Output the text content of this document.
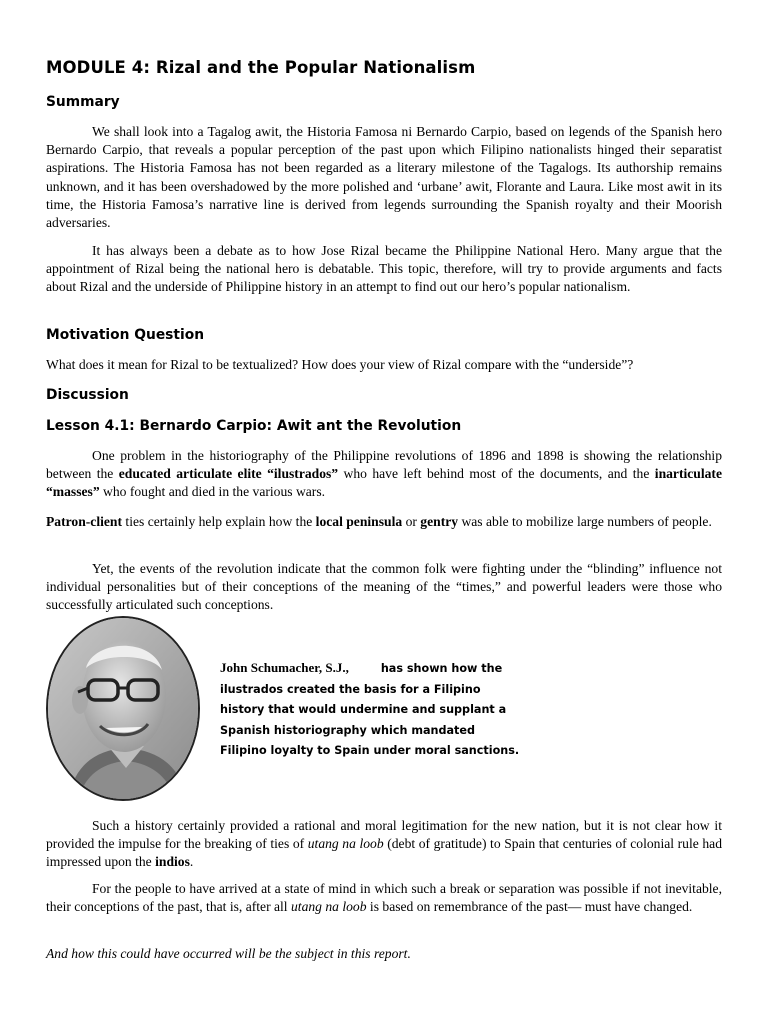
MODULE 4: Rizal and the Popular Nationalism
Summary

We shall look into a Tagalog awit, the Historia Famosa ni Bernardo Carpio, based on legends of the Spanish hero Bernardo Carpio, that reveals a popular perception of the past upon which Filipino nationalists hinged their separatist aspirations. The Historia Famosa has not been regarded as a literary milestone of the Tagalogs. Its authorship remains unknown, and it has been overshadowed by the more polished and ‘urbane’ awit, Florante and Laura. Like most awit in its time, the Historia Famosa’s narrative line is derived from legends surrounding the Spanish royalty and their Moorish adversaries.

It has always been a debate as to how Jose Rizal became the Philippine National Hero. Many argue that the appointment of Rizal being the national hero is debatable. This topic, therefore, will try to provide arguments and facts about Rizal and the underside of Philippine history in an attempt to find out our hero’s popular nationalism.

Motivation Question

What does it mean for Rizal to be textualized? How does your view of Rizal compare with the “underside”?

Discussion
Lesson 4.1: Bernardo Carpio: Awit ant the Revolution

One problem in the historiography of the Philippine revolutions of 1896 and 1898 is showing the relationship between the educated articulate elite “ilustrados” who have left behind most of the documents, and the inarticulate “masses” who fought and died in the various wars.

Patron-client ties certainly help explain how the local peninsula or gentry was able to mobilize large numbers of people.

Yet, the events of the revolution indicate that the common folk were fighting under the “blinding” influence not individual personalities but of their conceptions of the meaning of the “times,” and powerful leaders were those who successfully articulated such conceptions.

John Schumacher, S.J.,	has shown how the ilustrados created the basis for a Filipino history that would undermine and supplant a Spanish historiography which mandated Filipino loyalty to Spain under moral sanctions.

Such a history certainly provided a rational and moral legitimation for the new nation, but it is not clear how it provided the impulse for the breaking of ties of utang na loob (debt of gratitude) to Spain that centuries of colonial rule had impressed upon the indios.

For the people to have arrived at a state of mind in which such a break or separation was possible if not inevitable, their conceptions of the past, that is, after all utang na loob is based on remembrance of the past— must have changed.

And how this could have occurred will be the subject in this report.
